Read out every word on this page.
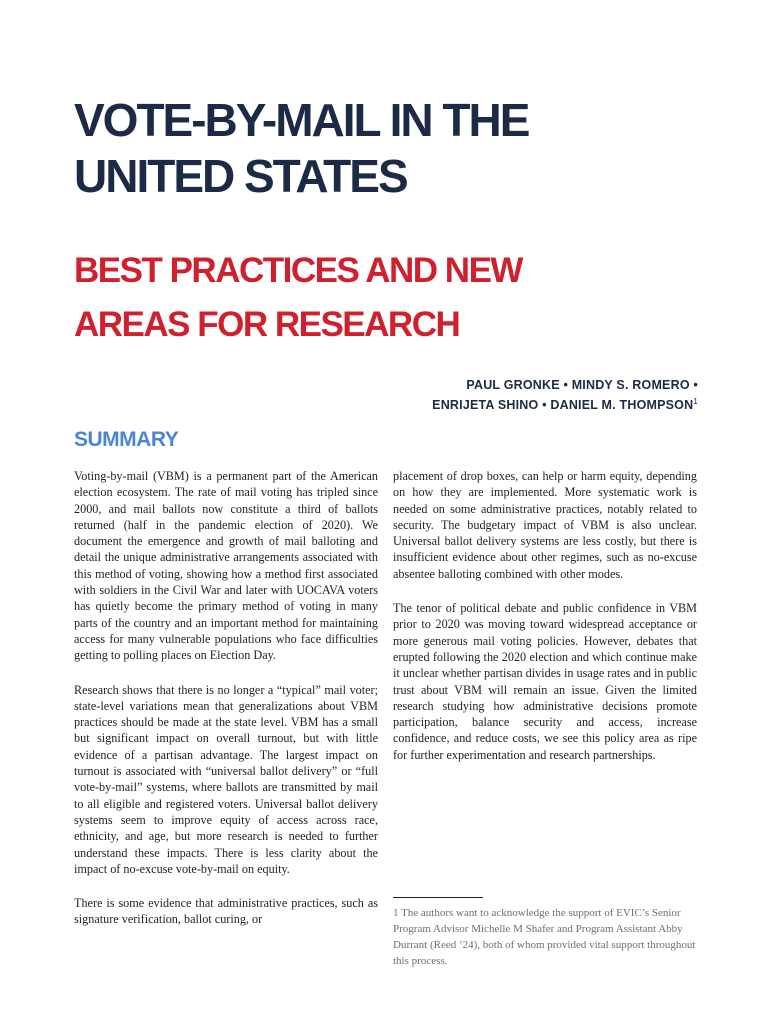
VOTE-BY-MAIL IN THE
UNITED STATES
BEST PRACTICES AND NEW
AREAS FOR RESEARCH
PAUL GRONKE • MINDY S. ROMERO •
ENRIJETA SHINO • DANIEL M. THOMPSON$^1$
SUMMARY

Voting-by-mail (VBM) is a permanent part of the American election ecosystem. The rate of mail voting has tripled since 2000, and mail ballots now constitute a third of ballots returned (half in the pandemic election of 2020). We document the emergence and growth of mail balloting and detail the unique administrative arrangements associated with this method of voting, showing how a method first associated with soldiers in the Civil War and later with UOCAVA voters has quietly become the primary method of voting in many parts of the country and an important method for maintaining access for many vulnerable populations who face difficulties getting to polling places on Election Day.

Research shows that there is no longer a “typical” mail voter; state-level variations mean that generalizations about VBM practices should be made at the state level. VBM has a small but significant impact on overall turnout, but with little evidence of a partisan advantage. The largest impact on turnout is associated with “universal ballot delivery” or “full vote-by-mail” systems, where ballots are transmitted by mail to all eligible and registered voters. Universal ballot delivery systems seem to improve equity of access across race, ethnicity, and age, but more research is needed to further understand these impacts. There is less clarity about the impact of no-excuse vote-by-mail on equity.

There is some evidence that administrative practices, such as signature verification, ballot curing, or

placement of drop boxes, can help or harm equity, depending on how they are implemented. More systematic work is needed on some administrative practices, notably related to security. The budgetary impact of VBM is also unclear. Universal ballot delivery systems are less costly, but there is insufficient evidence about other regimes, such as no-excuse absentee balloting combined with other modes.

The tenor of political debate and public confidence in VBM prior to 2020 was moving toward widespread acceptance or more generous mail voting policies. However, debates that erupted following the 2020 election and which continue make it unclear whether partisan divides in usage rates and in public trust about VBM will remain an issue. Given the limited research studying how administrative decisions promote participation, balance security and access, increase confidence, and reduce costs, we see this policy area as ripe for further experimentation and research partnerships.

1 The authors want to acknowledge the support of EVIC’s Senior Program Advisor Michelle M Shafer and Program Assistant Abby Durrant (Reed ’24), both of whom provided vital support throughout this process.
